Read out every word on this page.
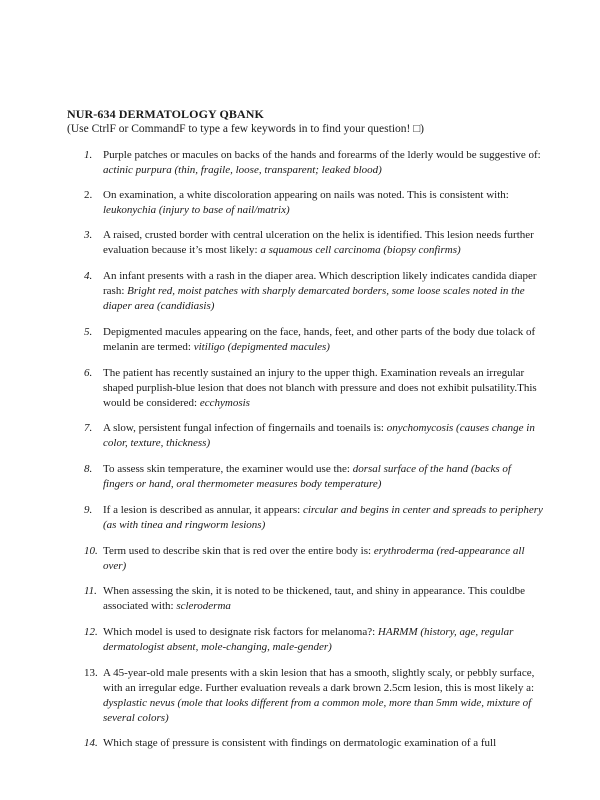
NUR-634 DERMATOLOGY QBANK
(Use CtrlF or CommandF to type a few keywords in to find your question! □)
1. Purple patches or macules on backs of the hands and forearms of the lderly would be suggestive of: actinic purpura (thin, fragile, loose, transparent; leaked blood)
2. On examination, a white discoloration appearing on nails was noted. This is consistent with: leukonychia (injury to base of nail/matrix)
3. A raised, crusted border with central ulceration on the helix is identified. This lesion needs further evaluation because it’s most likely: a squamous cell carcinoma (biopsy confirms)
4. An infant presents with a rash in the diaper area. Which description likely indicates candida diaper rash: Bright red, moist patches with sharply demarcated borders, some loose scales noted in the diaper area (candidiasis)
5. Depigmented macules appearing on the face, hands, feet, and other parts of the body due tolack of melanin are termed: vitiligo (depigmented macules)
6. The patient has recently sustained an injury to the upper thigh. Examination reveals an irregular shaped purplish-blue lesion that does not blanch with pressure and does not exhibit pulsatility.This would be considered: ecchymosis
7. A slow, persistent fungal infection of fingernails and toenails is: onychomycosis (causes change in color, texture, thickness)
8. To assess skin temperature, the examiner would use the: dorsal surface of the hand (backs of fingers or hand, oral thermometer measures body temperature)
9. If a lesion is described as annular, it appears: circular and begins in center and spreads to periphery (as with tinea and ringworm lesions)
10. Term used to describe skin that is red over the entire body is: erythroderma (red-appearance all over)
11. When assessing the skin, it is noted to be thickened, taut, and shiny in appearance. This couldbe associated with: scleroderma
12. Which model is used to designate risk factors for melanoma?: HARMM (history, age, regular dermatologist absent, mole-changing, male-gender)
13. A 45-year-old male presents with a skin lesion that has a smooth, slightly scaly, or pebbly surface, with an irregular edge. Further evaluation reveals a dark brown 2.5cm lesion, this is most likely a: dysplastic nevus (mole that looks different from a common mole, more than 5mm wide, mixture of several colors)
14. Which stage of pressure is consistent with findings on dermatologic examination of a full
